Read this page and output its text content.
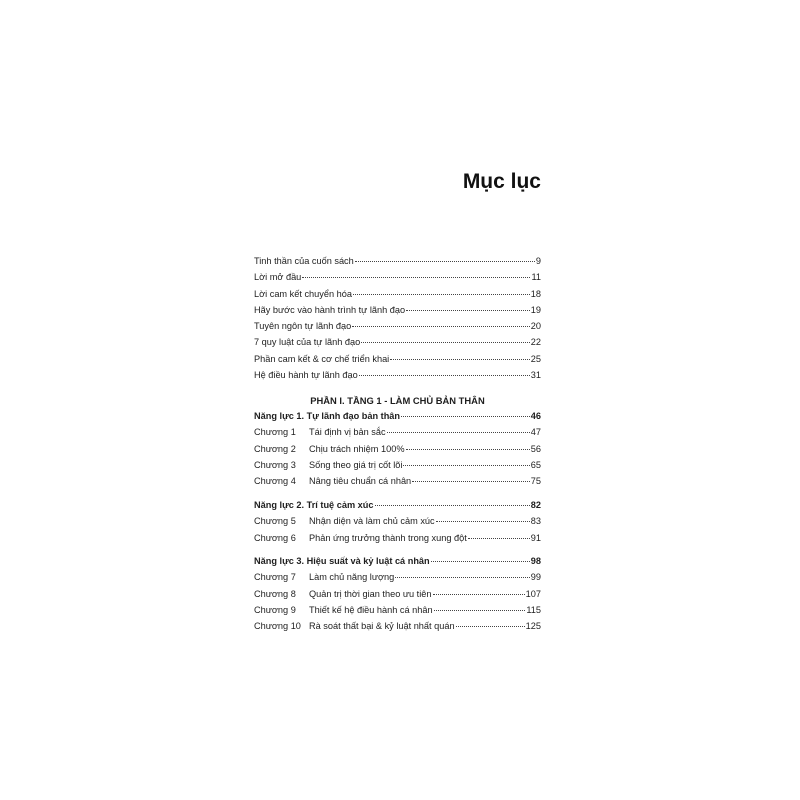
Mục lục
Tinh thần của cuốn sách	9
Lời mở đầu	11
Lời cam kết chuyển hóa	18
Hãy bước vào hành trình tự lãnh đạo	19
Tuyên ngôn tự lãnh đạo	20
7 quy luật của tự lãnh đạo	22
Phần cam kết & cơ chế triển khai	25
Hệ điều hành tự lãnh đạo	31
PHẦN I. TẦNG 1 - LÀM CHỦ BẢN THÂN
Năng lực 1. Tự lãnh đạo bản thân	46
Chương 1	Tái định vị bản sắc	47
Chương 2	Chịu trách nhiệm 100%	56
Chương 3	Sống theo giá trị cốt lõi	65
Chương 4	Nâng tiêu chuẩn cá nhân	75
Năng lực 2. Trí tuệ cảm xúc	82
Chương 5	Nhận diện và làm chủ cảm xúc	83
Chương 6	Phản ứng trưởng thành trong xung đột	91
Năng lực 3. Hiệu suất và kỷ luật cá nhân	98
Chương 7	Làm chủ năng lượng	99
Chương 8	Quản trị thời gian theo ưu tiên	107
Chương 9	Thiết kế hệ điều hành cá nhân	115
Chương 10 Rà soát thất bại & kỷ luật nhất quán	125
